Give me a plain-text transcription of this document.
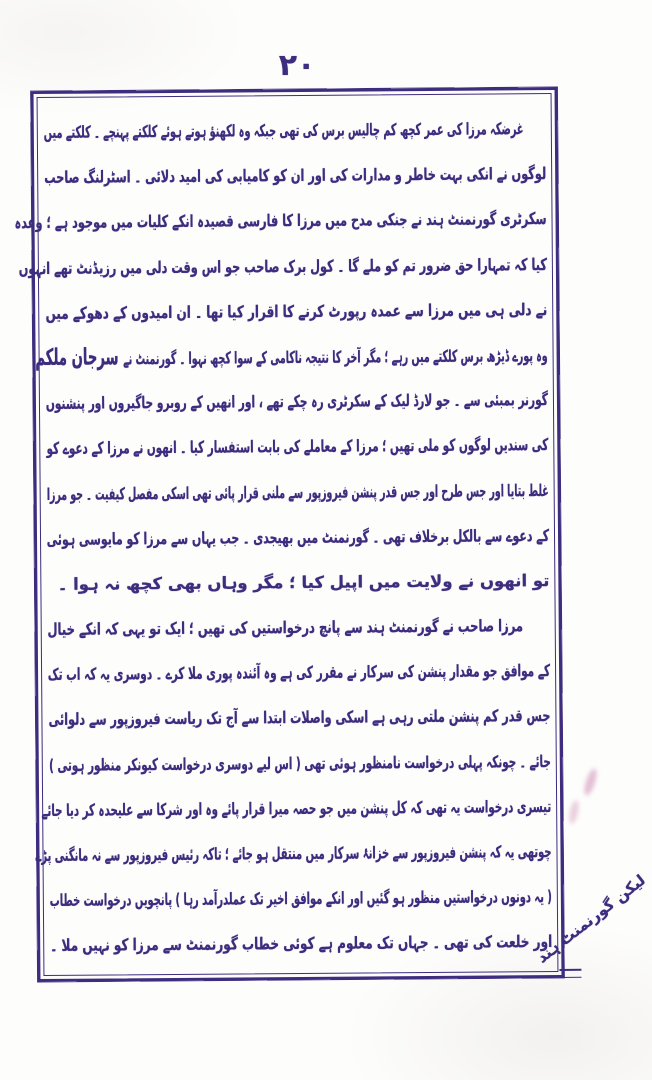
۲۰
غرضکہ مرزا کی عمر کچھ کم چالیس برس کی تھی جبکہ وہ لکھنؤ ہوتے ہوئے کلکتے پہنچے ۔ کلکتے میں
لوگوں نے انکی بہت خاطر و مدارات کی اور ان کو کامیابی کی امید دلائی ۔ اسٹرلنگ صاحب
سکرٹری گورنمنٹ ہند نے جنکی مدح میں مرزا کا فارسی قصیدہ انکے کلیات میں موجود ہے ؛ وعدہ
کیا کہ تمہارا حق ضرور تم کو ملے گا ۔ کول برک صاحب جو اس وقت دلی میں رزیڈنٹ تھے انہوں
نے دلی ہی میں مرزا سے عمدہ رپورٹ کرنے کا اقرار کیا تھا ۔ ان امیدوں کے دھوکے میں
وہ پورے ڈیڑھ برس کلکتے میں رہے ؛ مگر آخر کا نتیجہ ناکامی کے سوا کچھ نہوا ۔ گورنمنٹ نے سرجان ملکم
گورنر بمبئی سے ۔ جو لارڈ لیک کے سکرٹری رہ چکے تھے ، اور انھیں کے روبرو جاگیروں اور پنشنوں
کی سندیں لوگوں کو ملی تھیں ؛ مرزا کے معاملے کی بابت استفسار کیا ۔ انھوں نے مرزا کے دعوے کو
غلط بتایا اور جس طرح اور جس قدر پنشن فیروزپور سے ملنی قرار پائی تھی اسکی مفصل کیفیت ۔ جو مرزا
کے دعوے سے بالکل برخلاف تھی ۔ گورنمنٹ میں بھیجدی ۔ جب یہاں سے مرزا کو مایوسی ہوئی
تو انھوں نے ولایت میں اپیل کیا ؛ مگر وہاں بھی کچھ نہ ہوا ۔
مرزا صاحب نے گورنمنٹ ہند سے پانچ درخواستیں کی تھیں ؛ ایک تو یہی کہ انکے خیال
کے موافق جو مقدار پنشن کی سرکار نے مقرر کی ہے وہ آئندہ پوری ملا کرے ۔ دوسری یہ کہ اب تک
جس قدر کم پنشن ملتی رہی ہے اسکی واصلات ابتدا سے آج تک ریاست فیروزپور سے دلوائی
جائے ۔ چونکہ پہلی درخواست نامنظور ہوئی تھی ( اس لیے دوسری درخواست کیونکر منظور ہوتی )
تیسری درخواست یہ تھی کہ کل پنشن میں جو حصہ میرا قرار پائے وہ اور شرکا سے علیحدہ کر دیا جائے
چوتھی یہ کہ پنشن فیروزپور سے خزانۂ سرکار میں منتقل ہو جائے ؛ تاکہ رئیس فیروزپور سے نہ مانگنی پڑے
( یہ دونوں درخواستیں منظور ہو گئیں اور انکے موافق اخیر تک عملدرآمد رہا ) پانچویں درخواست خطاب
اور خلعت کی تھی ۔ جہاں تک معلوم ہے کوئی خطاب گورنمنٹ سے مرزا کو نہیں ملا ۔
لیکن گورنمنٹ ہند
